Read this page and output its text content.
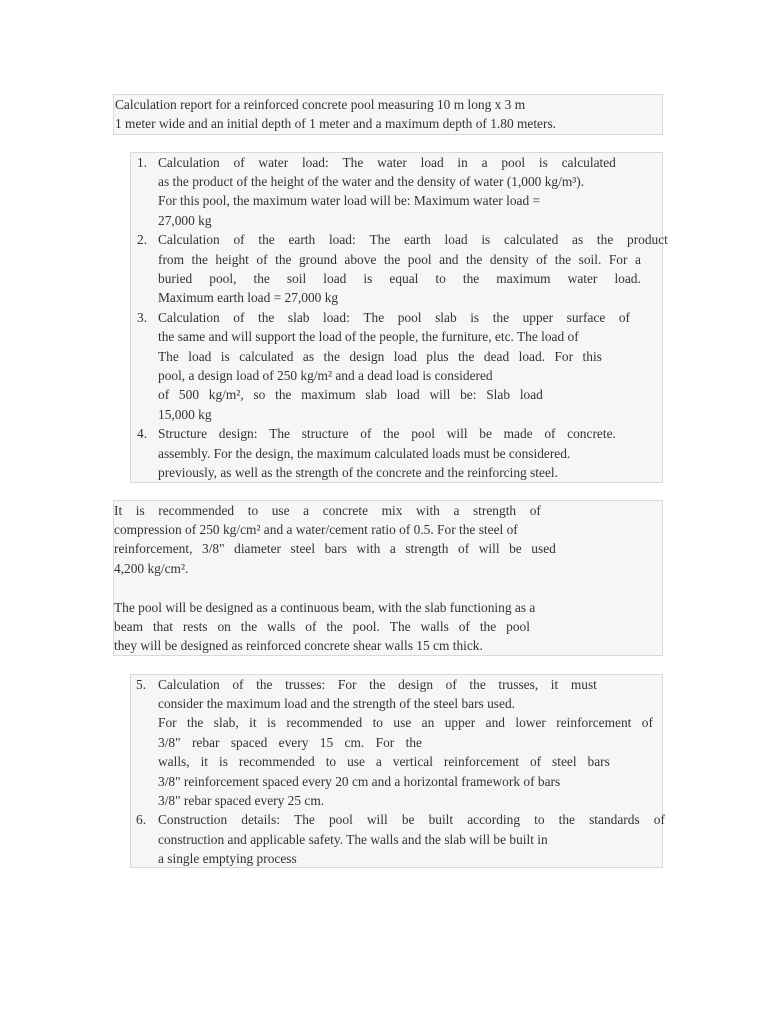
Calculation report for a reinforced concrete pool measuring 10 m long x 3 m
1 meter wide and an initial depth of 1 meter and a maximum depth of 1.80 meters.
1. Calculation of water load: The water load in a pool is calculated
as the product of the height of the water and the density of water (1,000 kg/m³).
For this pool, the maximum water load will be: Maximum water load =
27,000 kg
2. Calculation of the earth load: The earth load is calculated as the product
from the height of the ground above the pool and the density of the soil. For a
buried pool, the soil load is equal to the maximum water load.
Maximum earth load = 27,000 kg
3. Calculation of the slab load: The pool slab is the upper surface of
the same and will support the load of the people, the furniture, etc. The load of
The load is calculated as the design load plus the dead load. For this
pool, a design load of 250 kg/m² and a dead load is considered
of 500 kg/m², so the maximum slab load will be: Slab load
15,000 kg
4. Structure design: The structure of the pool will be made of concrete.
assembly. For the design, the maximum calculated loads must be considered.
previously, as well as the strength of the concrete and the reinforcing steel.
It is recommended to use a concrete mix with a strength of
compression of 250 kg/cm² and a water/cement ratio of 0.5. For the steel of
reinforcement, 3/8" diameter steel bars with a strength of will be used
4,200 kg/cm².
The pool will be designed as a continuous beam, with the slab functioning as a
beam that rests on the walls of the pool. The walls of the pool
they will be designed as reinforced concrete shear walls 15 cm thick.
5. Calculation of the trusses: For the design of the trusses, it must
consider the maximum load and the strength of the steel bars used.
For the slab, it is recommended to use an upper and lower reinforcement of
3/8" rebar spaced every 15 cm. For the
walls, it is recommended to use a vertical reinforcement of steel bars
3/8" reinforcement spaced every 20 cm and a horizontal framework of bars
3/8" rebar spaced every 25 cm.
6. Construction details: The pool will be built according to the standards of
construction and applicable safety. The walls and the slab will be built in
a single emptying process
